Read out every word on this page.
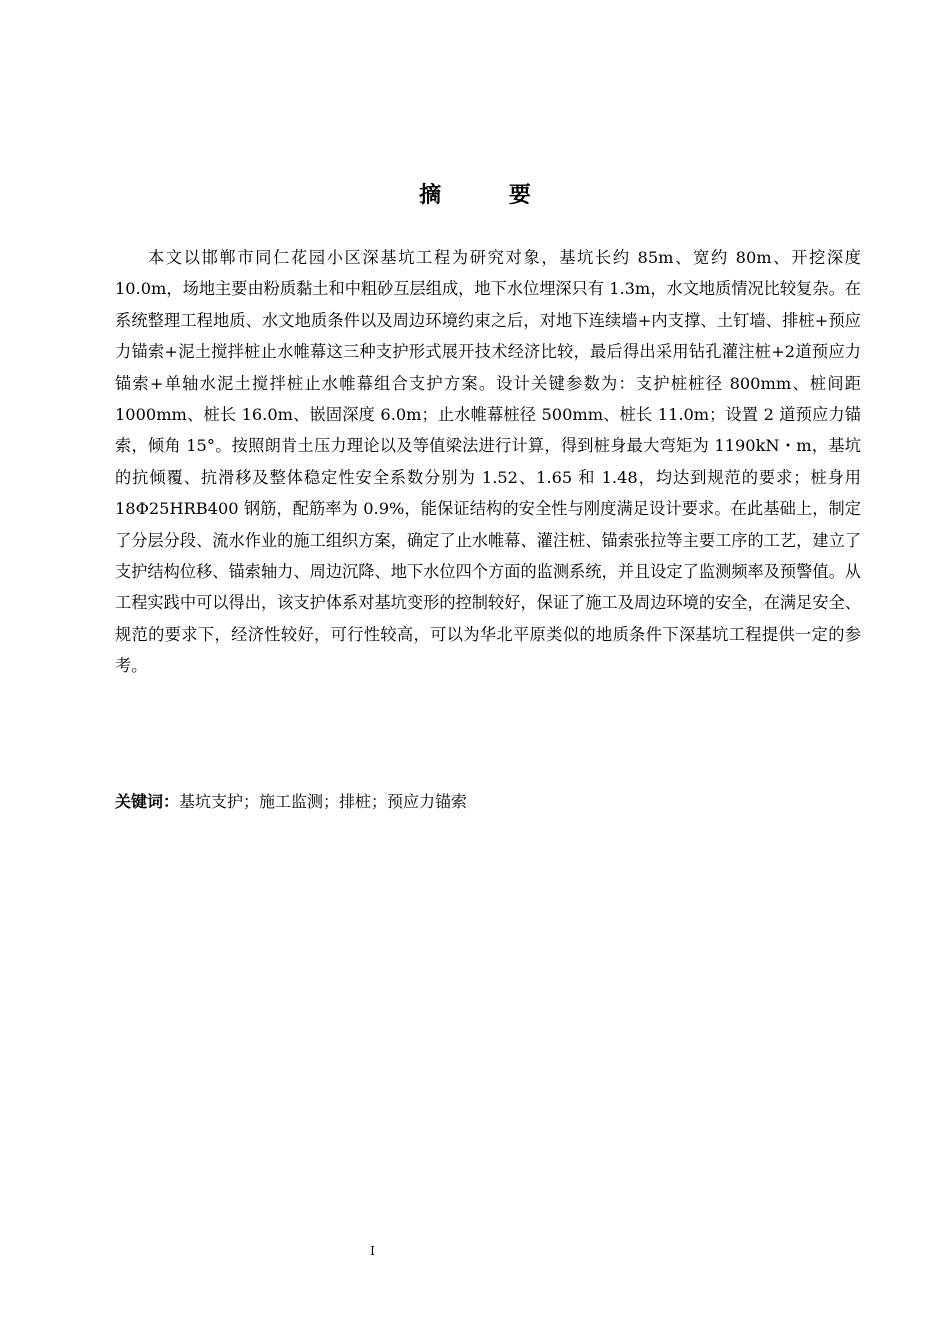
摘 要

本文以邯郸市同仁花园小区深基坑工程为研究对象，基坑长约 85m、宽约 80m、开挖深度 10.0m，场地主要由粉质黏土和中粗砂互层组成，地下水位埋深只有 1.3m，水文地质情况比较复杂。在系统整理工程地质、水文地质条件以及周边环境约束之后，对地下连续墙+内支撑、土钉墙、排桩+预应力锚索+泥土搅拌桩止水帷幕这三种支护形式展开技术经济比较，最后得出采用钻孔灌注桩+2道预应力锚索+单轴水泥土搅拌桩止水帷幕组合支护方案。设计关键参数为：支护桩桩径 800mm、桩间距 1000mm、桩长 16.0m、嵌固深度 6.0m；止水帷幕桩径 500mm、桩长 11.0m；设置 2 道预应力锚索，倾角 15°。按照朗肯土压力理论以及等值梁法进行计算，得到桩身最大弯矩为 1190kN・m，基坑的抗倾覆、抗滑移及整体稳定性安全系数分别为 1.52、1.65 和 1.48，均达到规范的要求；桩身用 18Φ25HRB400 钢筋，配筋率为 0.9%，能保证结构的安全性与刚度满足设计要求。在此基础上，制定了分层分段、流水作业的施工组织方案，确定了止水帷幕、灌注桩、锚索张拉等主要工序的工艺，建立了支护结构位移、锚索轴力、周边沉降、地下水位四个方面的监测系统，并且设定了监测频率及预警值。从工程实践中可以得出，该支护体系对基坑变形的控制较好，保证了施工及周边环境的安全，在满足安全、规范的要求下，经济性较好，可行性较高，可以为华北平原类似的地质条件下深基坑工程提供一定的参考。

关键词：基坑支护；施工监测；排桩；预应力锚索
I
